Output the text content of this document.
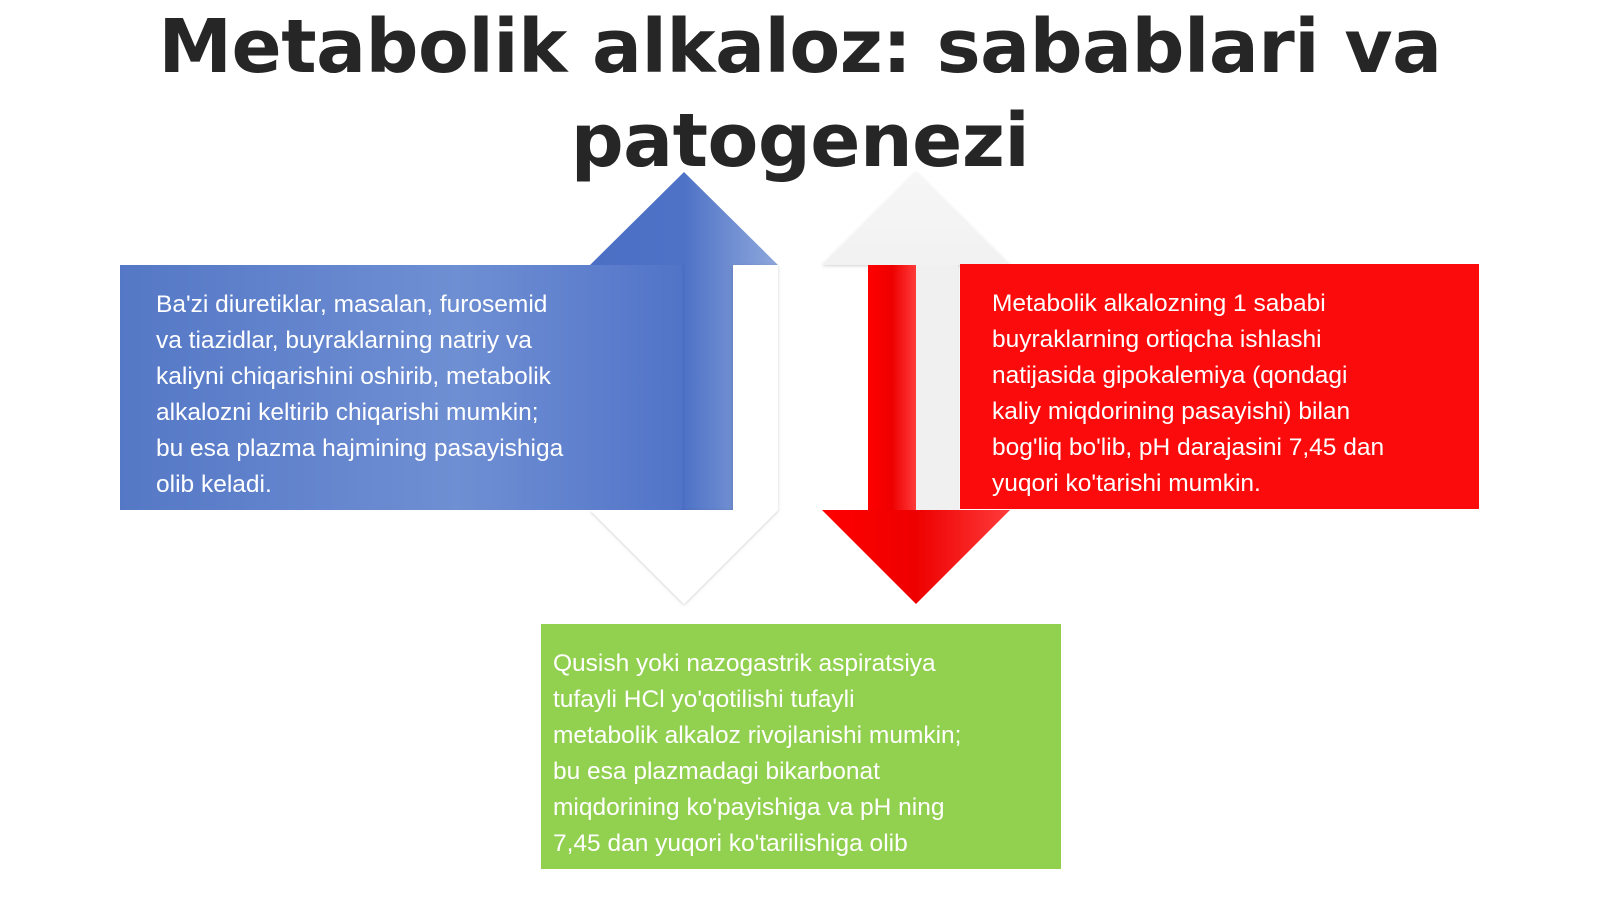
Metabolik alkaloz: sabablari va
patogenezi

Ba'zi diuretiklar, masalan, furosemid
va tiazidlar, buyraklarning natriy va
kaliyni chiqarishini oshirib, metabolik
alkalozni keltirib chiqarishi mumkin;
bu esa plazma hajmining pasayishiga
olib keladi.

Metabolik alkalozning 1 sababi
buyraklarning ortiqcha ishlashi
natijasida gipokalemiya (qondagi
kaliy miqdorining pasayishi) bilan
bog'liq bo'lib, pH darajasini 7,45 dan
yuqori ko'tarishi mumkin.

Qusish yoki nazogastrik aspiratsiya
tufayli HCl yo'qotilishi tufayli
metabolik alkaloz rivojlanishi mumkin;
bu esa plazmadagi bikarbonat
miqdorining ko'payishiga va pH ning
7,45 dan yuqori ko'tarilishiga olib
